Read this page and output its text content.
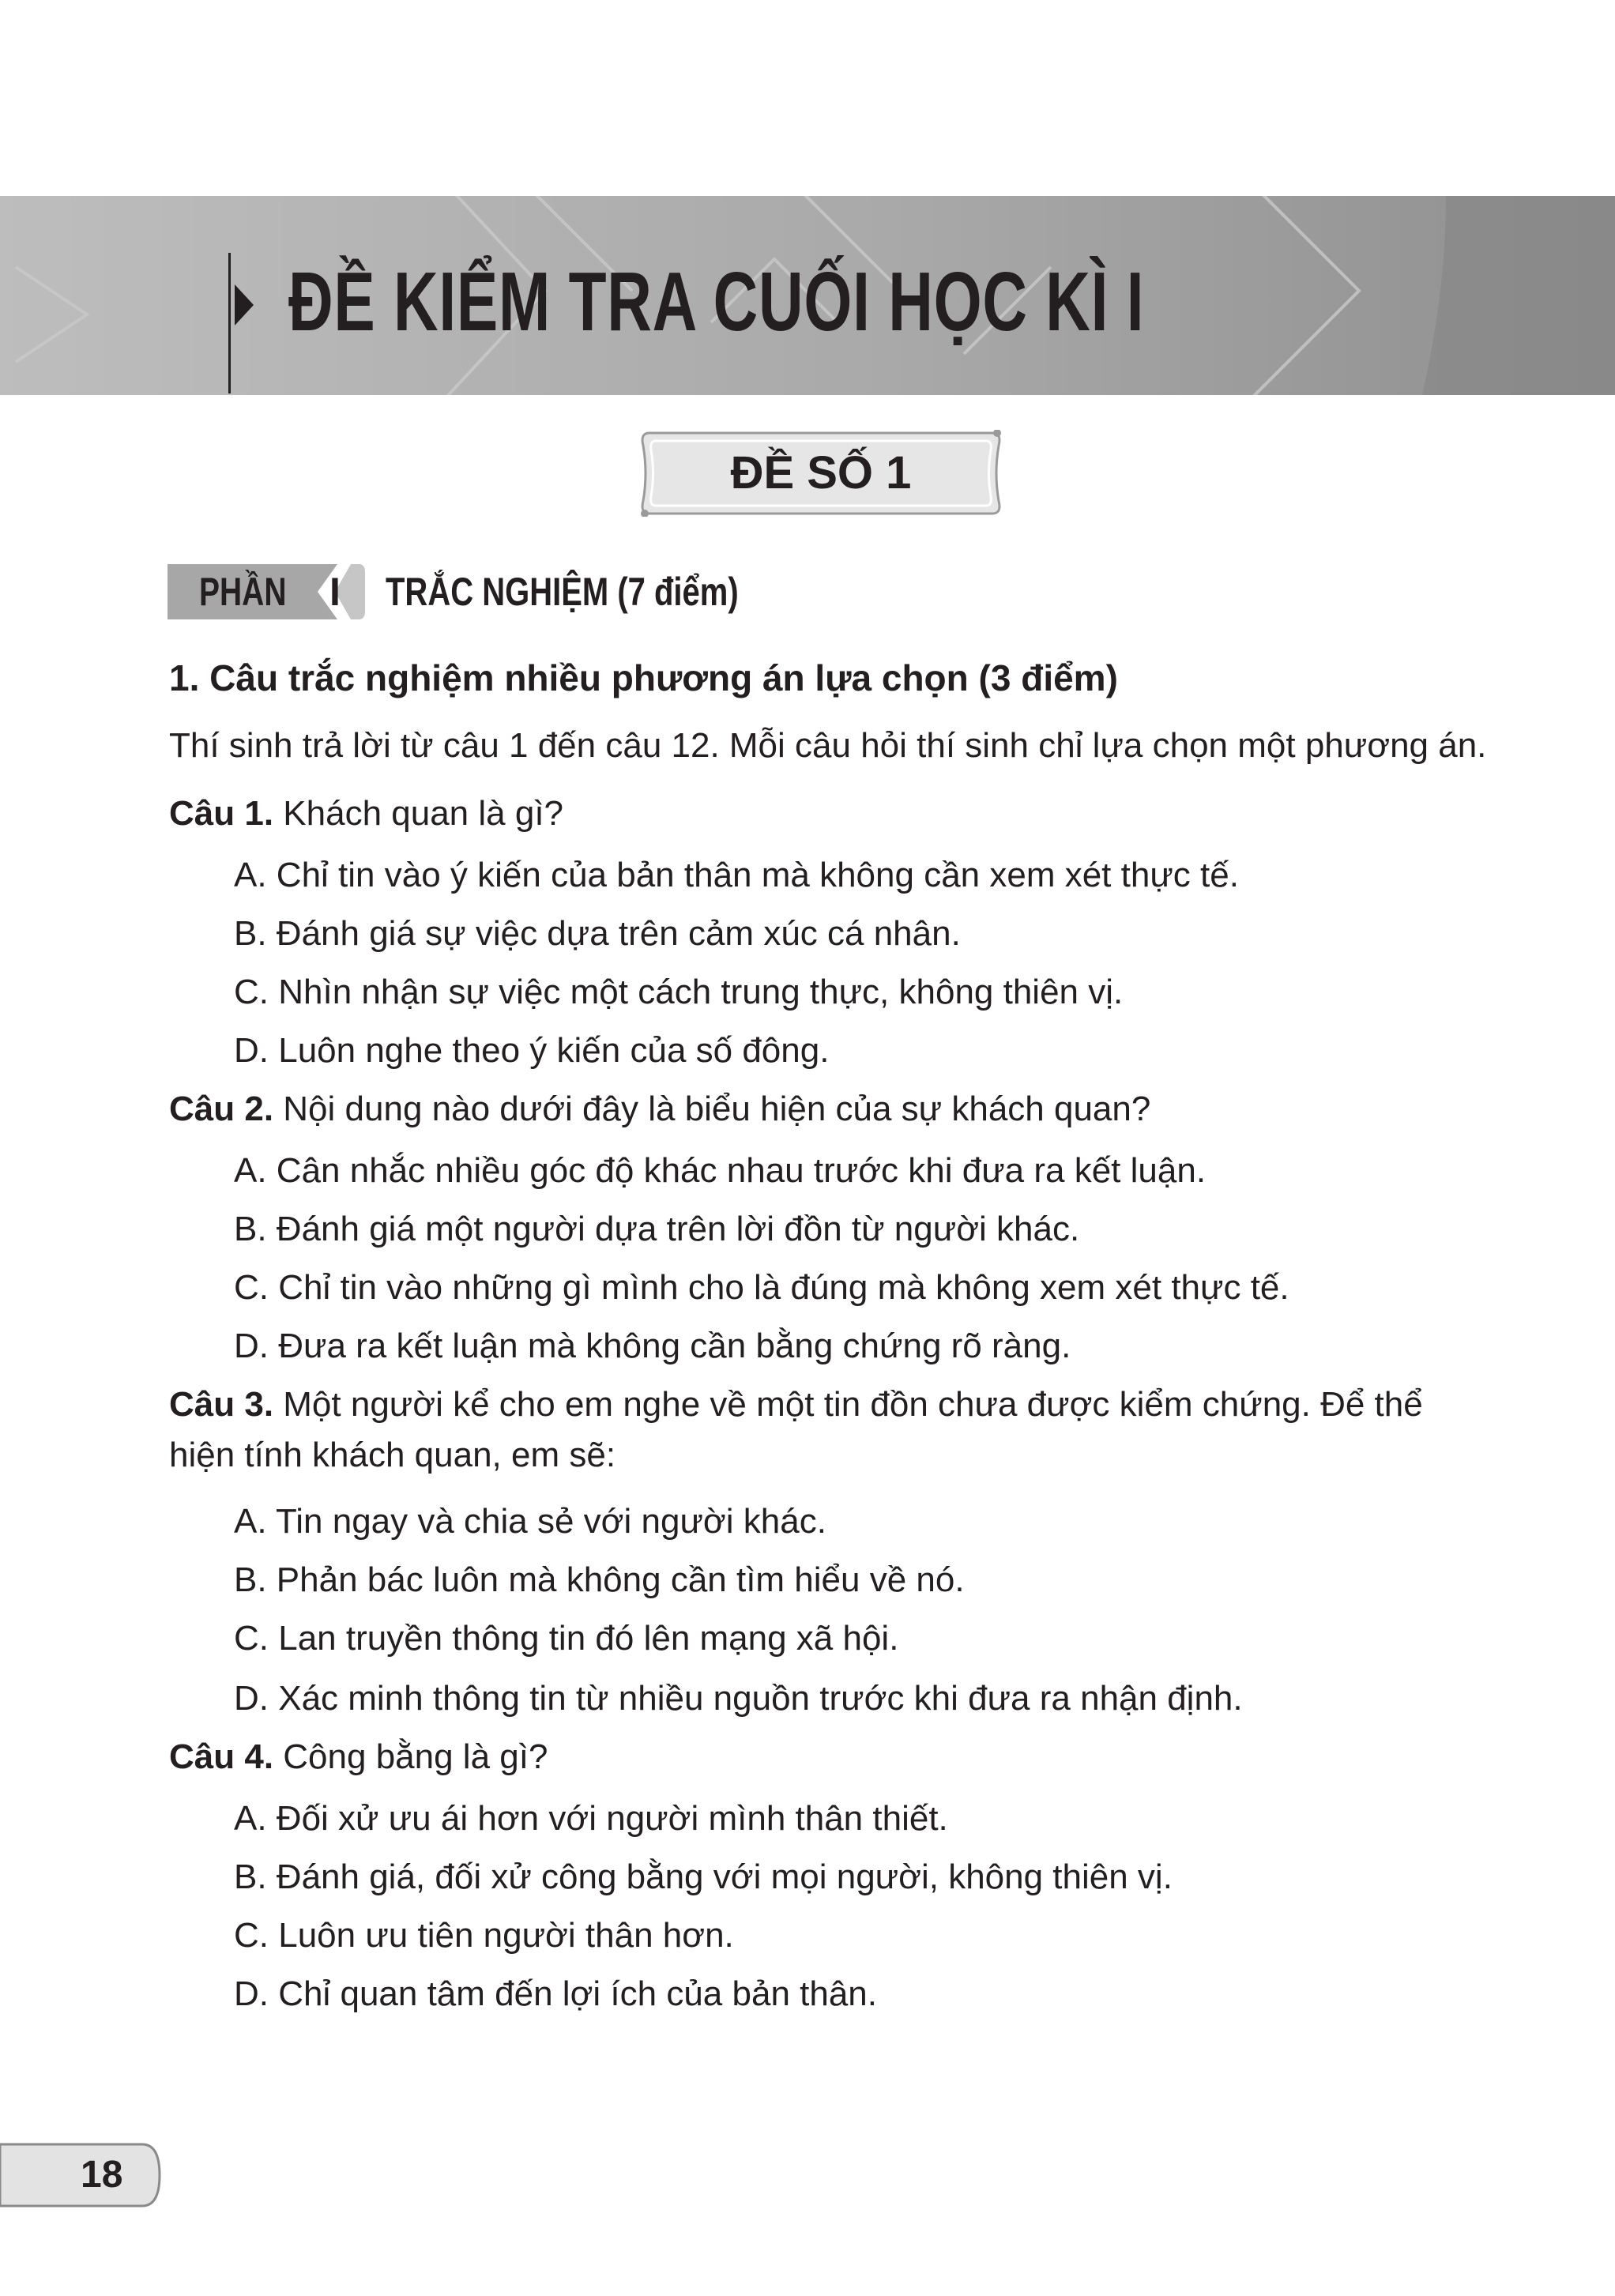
ĐỀ KIỂM TRA CUỐI HỌC KÌ I
ĐỀ SỐ 1
PHẦN	I	TRẮC NGHIỆM (7 điểm)
1. Câu trắc nghiệm nhiều phương án lựa chọn (3 điểm)
Thí sinh trả lời từ câu 1 đến câu 12. Mỗi câu hỏi thí sinh chỉ lựa chọn một phương án.
Câu 1. Khách quan là gì?
A. Chỉ tin vào ý kiến của bản thân mà không cần xem xét thực tế.
B. Đánh giá sự việc dựa trên cảm xúc cá nhân.
C. Nhìn nhận sự việc một cách trung thực, không thiên vị.
D. Luôn nghe theo ý kiến của số đông.
Câu 2. Nội dung nào dưới đây là biểu hiện của sự khách quan?
A. Cân nhắc nhiều góc độ khác nhau trước khi đưa ra kết luận.
B. Đánh giá một người dựa trên lời đồn từ người khác.
C. Chỉ tin vào những gì mình cho là đúng mà không xem xét thực tế.
D. Đưa ra kết luận mà không cần bằng chứng rõ ràng.
Câu 3. Một người kể cho em nghe về một tin đồn chưa được kiểm chứng. Để thể
hiện tính khách quan, em sẽ:
A. Tin ngay và chia sẻ với người khác.
B. Phản bác luôn mà không cần tìm hiểu về nó.
C. Lan truyền thông tin đó lên mạng xã hội.
D. Xác minh thông tin từ nhiều nguồn trước khi đưa ra nhận định.
Câu 4. Công bằng là gì?
A. Đối xử ưu ái hơn với người mình thân thiết.
B. Đánh giá, đối xử công bằng với mọi người, không thiên vị.
C. Luôn ưu tiên người thân hơn.
D. Chỉ quan tâm đến lợi ích của bản thân.
18
